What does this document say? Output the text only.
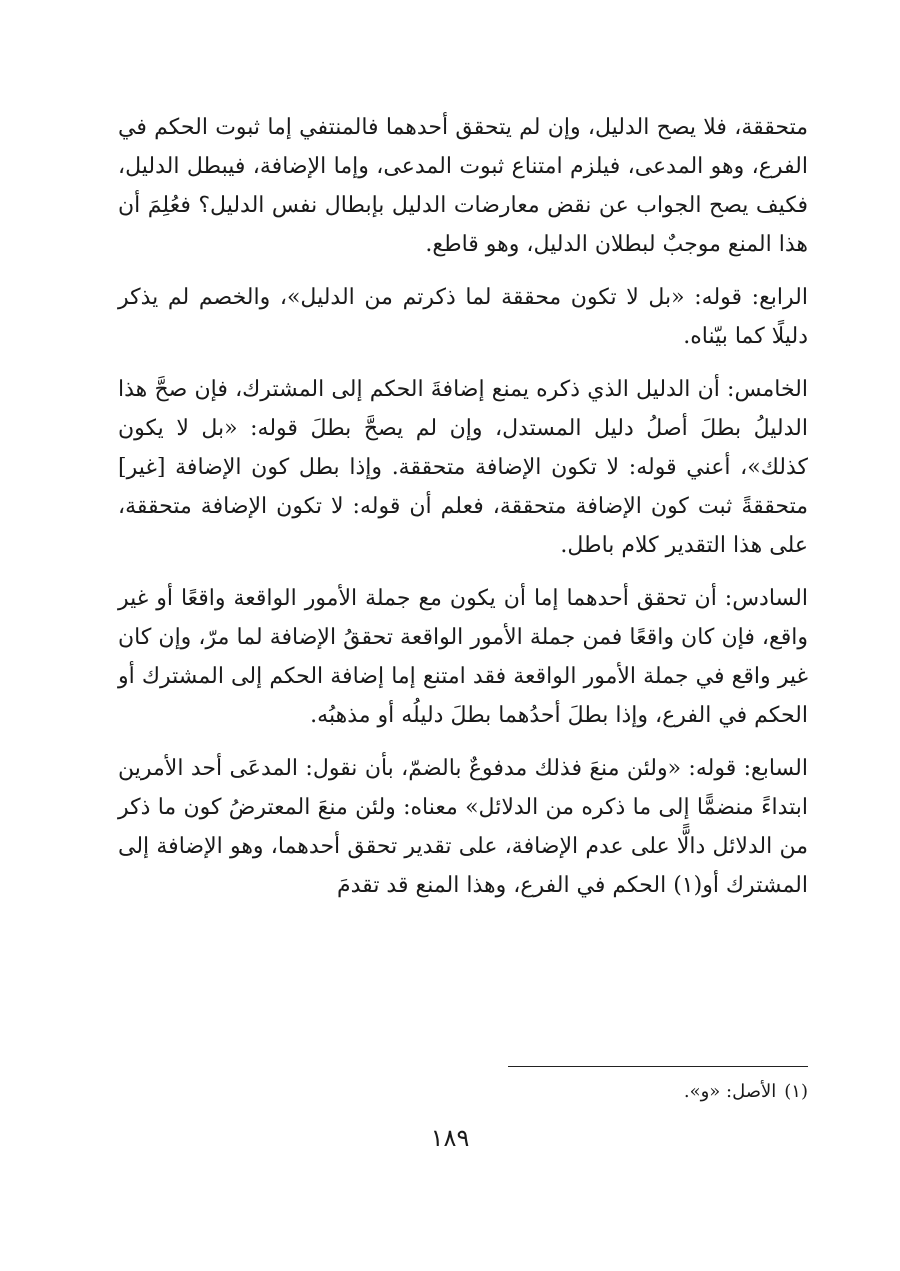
متحققة، فلا يصح الدليل، وإن لم يتحقق أحدهما فالمنتفي إما ثبوت الحكم في الفرع، وهو المدعى، فيلزم امتناع ثبوت المدعى، وإما الإضافة، فيبطل الدليل، فكيف يصح الجواب عن نقض معارضات الدليل بإبطال نفس الدليل؟ فعُلِمَ أن هذا المنع موجبٌ لبطلان الدليل، وهو قاطع.

الرابع: قوله: «بل لا تكون محققة لما ذكرتم من الدليل»، والخصم لم يذكر دليلًا كما بيّناه.

الخامس: أن الدليل الذي ذكره يمنع إضافةَ الحكم إلى المشترك، فإن صحَّ هذا الدليلُ بطلَ أصلُ دليل المستدل، وإن لم يصحَّ بطلَ قوله: «بل لا يكون كذلك»، أعني قوله: لا تكون الإضافة متحققة. وإذا بطل كون الإضافة [غير] متحققةً ثبت كون الإضافة متحققة، فعلم أن قوله: لا تكون الإضافة متحققة، على هذا التقدير كلام باطل.

السادس: أن تحقق أحدهما إما أن يكون مع جملة الأمور الواقعة واقعًا أو غير واقع، فإن كان واقعًا فمن جملة الأمور الواقعة تحققُ الإضافة لما مرّ، وإن كان غير واقع في جملة الأمور الواقعة فقد امتنع إما إضافة الحكم إلى المشترك أو الحكم في الفرع، وإذا بطلَ أحدُهما بطلَ دليلُه أو مذهبُه.

السابع: قوله: «ولئن منعَ فذلك مدفوعٌ بالضمّ، بأن نقول: المدعَى أحد الأمرين ابتداءً منضمًّا إلى ما ذكره من الدلائل» معناه: ولئن منعَ المعترضُ كون ما ذكر من الدلائل دالًّا على عدم الإضافة، على تقدير تحقق أحدهما، وهو الإضافة إلى المشترك أو(١) الحكم في الفرع، وهذا المنع قد تقدمَ

(١)الأصل: «و».
١٨٩
